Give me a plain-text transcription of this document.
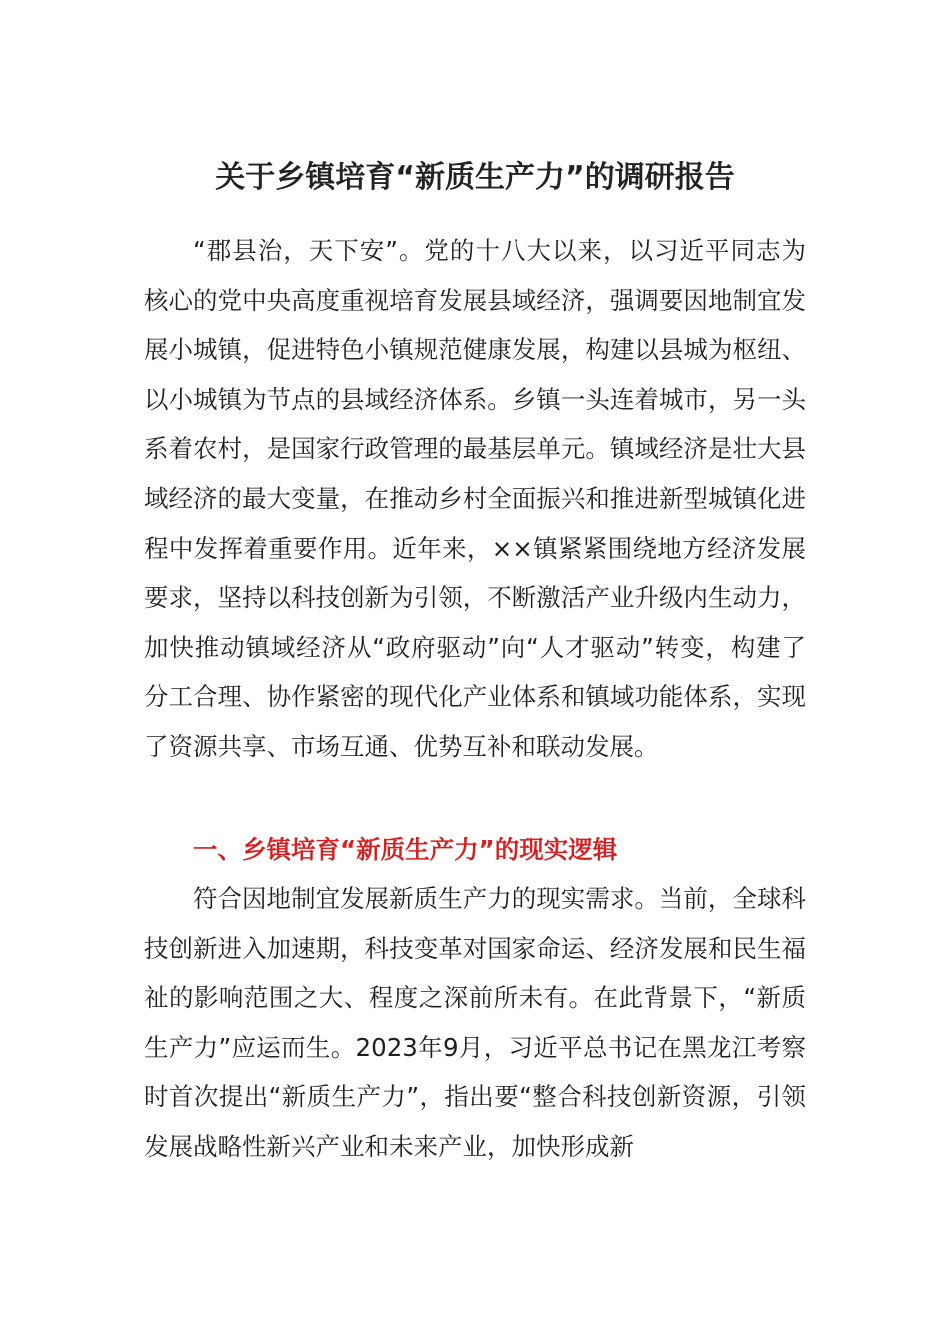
关于乡镇培育“新质生产力”的调研报告

“郡县治，天下安”。党的十八大以来，以习近平同志为核心的党中央高度重视培育发展县域经济，强调要因地制宜发展小城镇，促进特色小镇规范健康发展，构建以县城为枢纽、以小城镇为节点的县域经济体系。乡镇一头连着城市，另一头系着农村，是国家行政管理的最基层单元。镇域经济是壮大县域经济的最大变量，在推动乡村全面振兴和推进新型城镇化进程中发挥着重要作用。近年来，××镇紧紧围绕地方经济发展要求，坚持以科技创新为引领，不断激活产业升级内生动力，加快推动镇域经济从“政府驱动”向“人才驱动”转变，构建了分工合理、协作紧密的现代化产业体系和镇域功能体系，实现了资源共享、市场互通、优势互补和联动发展。

一、乡镇培育“新质生产力”的现实逻辑

符合因地制宜发展新质生产力的现实需求。当前，全球科技创新进入加速期，科技变革对国家命运、经济发展和民生福祉的影响范围之大、程度之深前所未有。在此背景下，“新质生产力”应运而生。2023年9月，习近平总书记在黑龙江考察时首次提出“新质生产力”，指出要“整合科技创新资源，引领发展战略性新兴产业和未来产业，加快形成新
